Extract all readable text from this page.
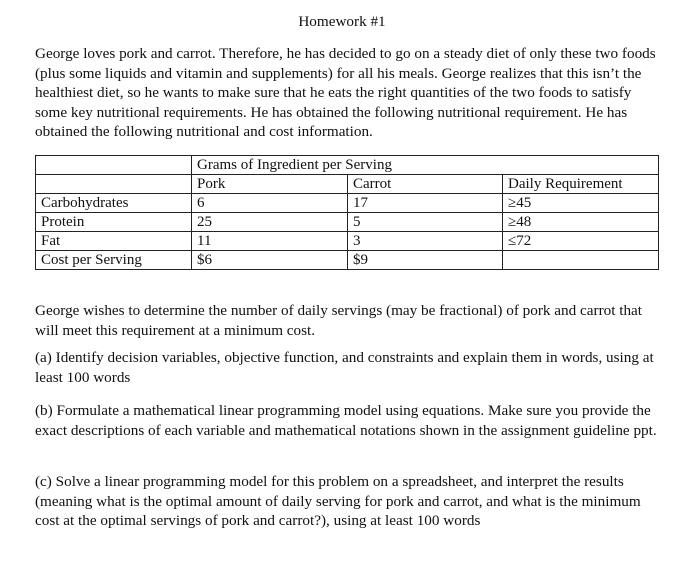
Homework #1

George loves pork and carrot. Therefore, he has decided to go on a steady diet of only these two foods (plus some liquids and vitamin and supplements) for all his meals. George realizes that this isn’t the healthiest diet, so he wants to make sure that he eats the right quantities of the two foods to satisfy some key nutritional requirements. He has obtained the following nutritional requirement. He has obtained the following nutritional and cost information.

	Grams of Ingredient per Serving		
	Pork	Carrot	Daily Requirement
Carbohydrates	6	17	≥45
Protein	25	5	≥48
Fat	11	3	≤72
Cost per Serving	$6	$9	

George wishes to determine the number of daily servings (may be fractional) of pork and carrot that will meet this requirement at a minimum cost.

(a) Identify decision variables, objective function, and constraints and explain them in words, using at least 100 words

(b) Formulate a mathematical linear programming model using equations. Make sure you provide the exact descriptions of each variable and mathematical notations shown in the assignment guideline ppt.

(c) Solve a linear programming model for this problem on a spreadsheet, and interpret the results (meaning what is the optimal amount of daily serving for pork and carrot, and what is the minimum cost at the optimal servings of pork and carrot?), using at least 100 words
